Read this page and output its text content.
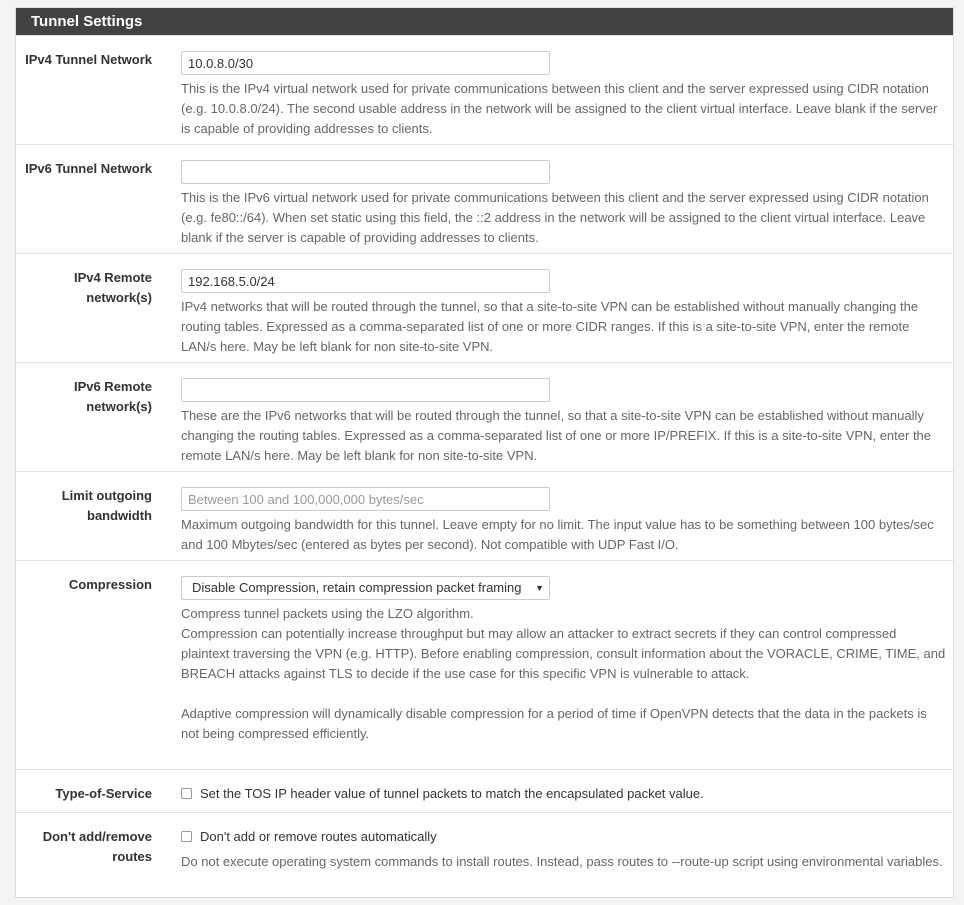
Tunnel Settings
IPv4 Tunnel Network
10.0.8.0/30
This is the IPv4 virtual network used for private communications between this client and the server expressed using CIDR notation (e.g. 10.0.8.0/24). The second usable address in the network will be assigned to the client virtual interface. Leave blank if the server is capable of providing addresses to clients.
IPv6 Tunnel Network
This is the IPv6 virtual network used for private communications between this client and the server expressed using CIDR notation (e.g. fe80::/64). When set static using this field, the ::2 address in the network will be assigned to the client virtual interface. Leave blank if the server is capable of providing addresses to clients.
IPv4 Remote network(s)
192.168.5.0/24
IPv4 networks that will be routed through the tunnel, so that a site-to-site VPN can be established without manually changing the routing tables. Expressed as a comma-separated list of one or more CIDR ranges. If this is a site-to-site VPN, enter the remote LAN/s here. May be left blank for non site-to-site VPN.
IPv6 Remote network(s)
These are the IPv6 networks that will be routed through the tunnel, so that a site-to-site VPN can be established without manually changing the routing tables. Expressed as a comma-separated list of one or more IP/PREFIX. If this is a site-to-site VPN, enter the remote LAN/s here. May be left blank for non site-to-site VPN.
Limit outgoing bandwidth
Between 100 and 100,000,000 bytes/sec
Maximum outgoing bandwidth for this tunnel. Leave empty for no limit. The input value has to be something between 100 bytes/sec and 100 Mbytes/sec (entered as bytes per second). Not compatible with UDP Fast I/O.
Compression	Disable Compression, retain compression packet framing ▼

Compress tunnel packets using the LZO algorithm.

Compression can potentially increase throughput but may allow an attacker to extract secrets if they can control compressed plaintext traversing the VPN (e.g. HTTP). Before enabling compression, consult information about the VORACLE, CRIME, TIME, and BREACH attacks against TLS to decide if the use case for this specific VPN is vulnerable to attack.

Adaptive compression will dynamically disable compression for a period of time if OpenVPN detects that the data in the packets is not being compressed efficiently.

Type-of-Service	Set the TOS IP header value of tunnel packets to match the encapsulated packet value.
Don't add/remove routes
Don't add or remove routes automatically
Do not execute operating system commands to install routes. Instead, pass routes to --route-up script using environmental variables.
